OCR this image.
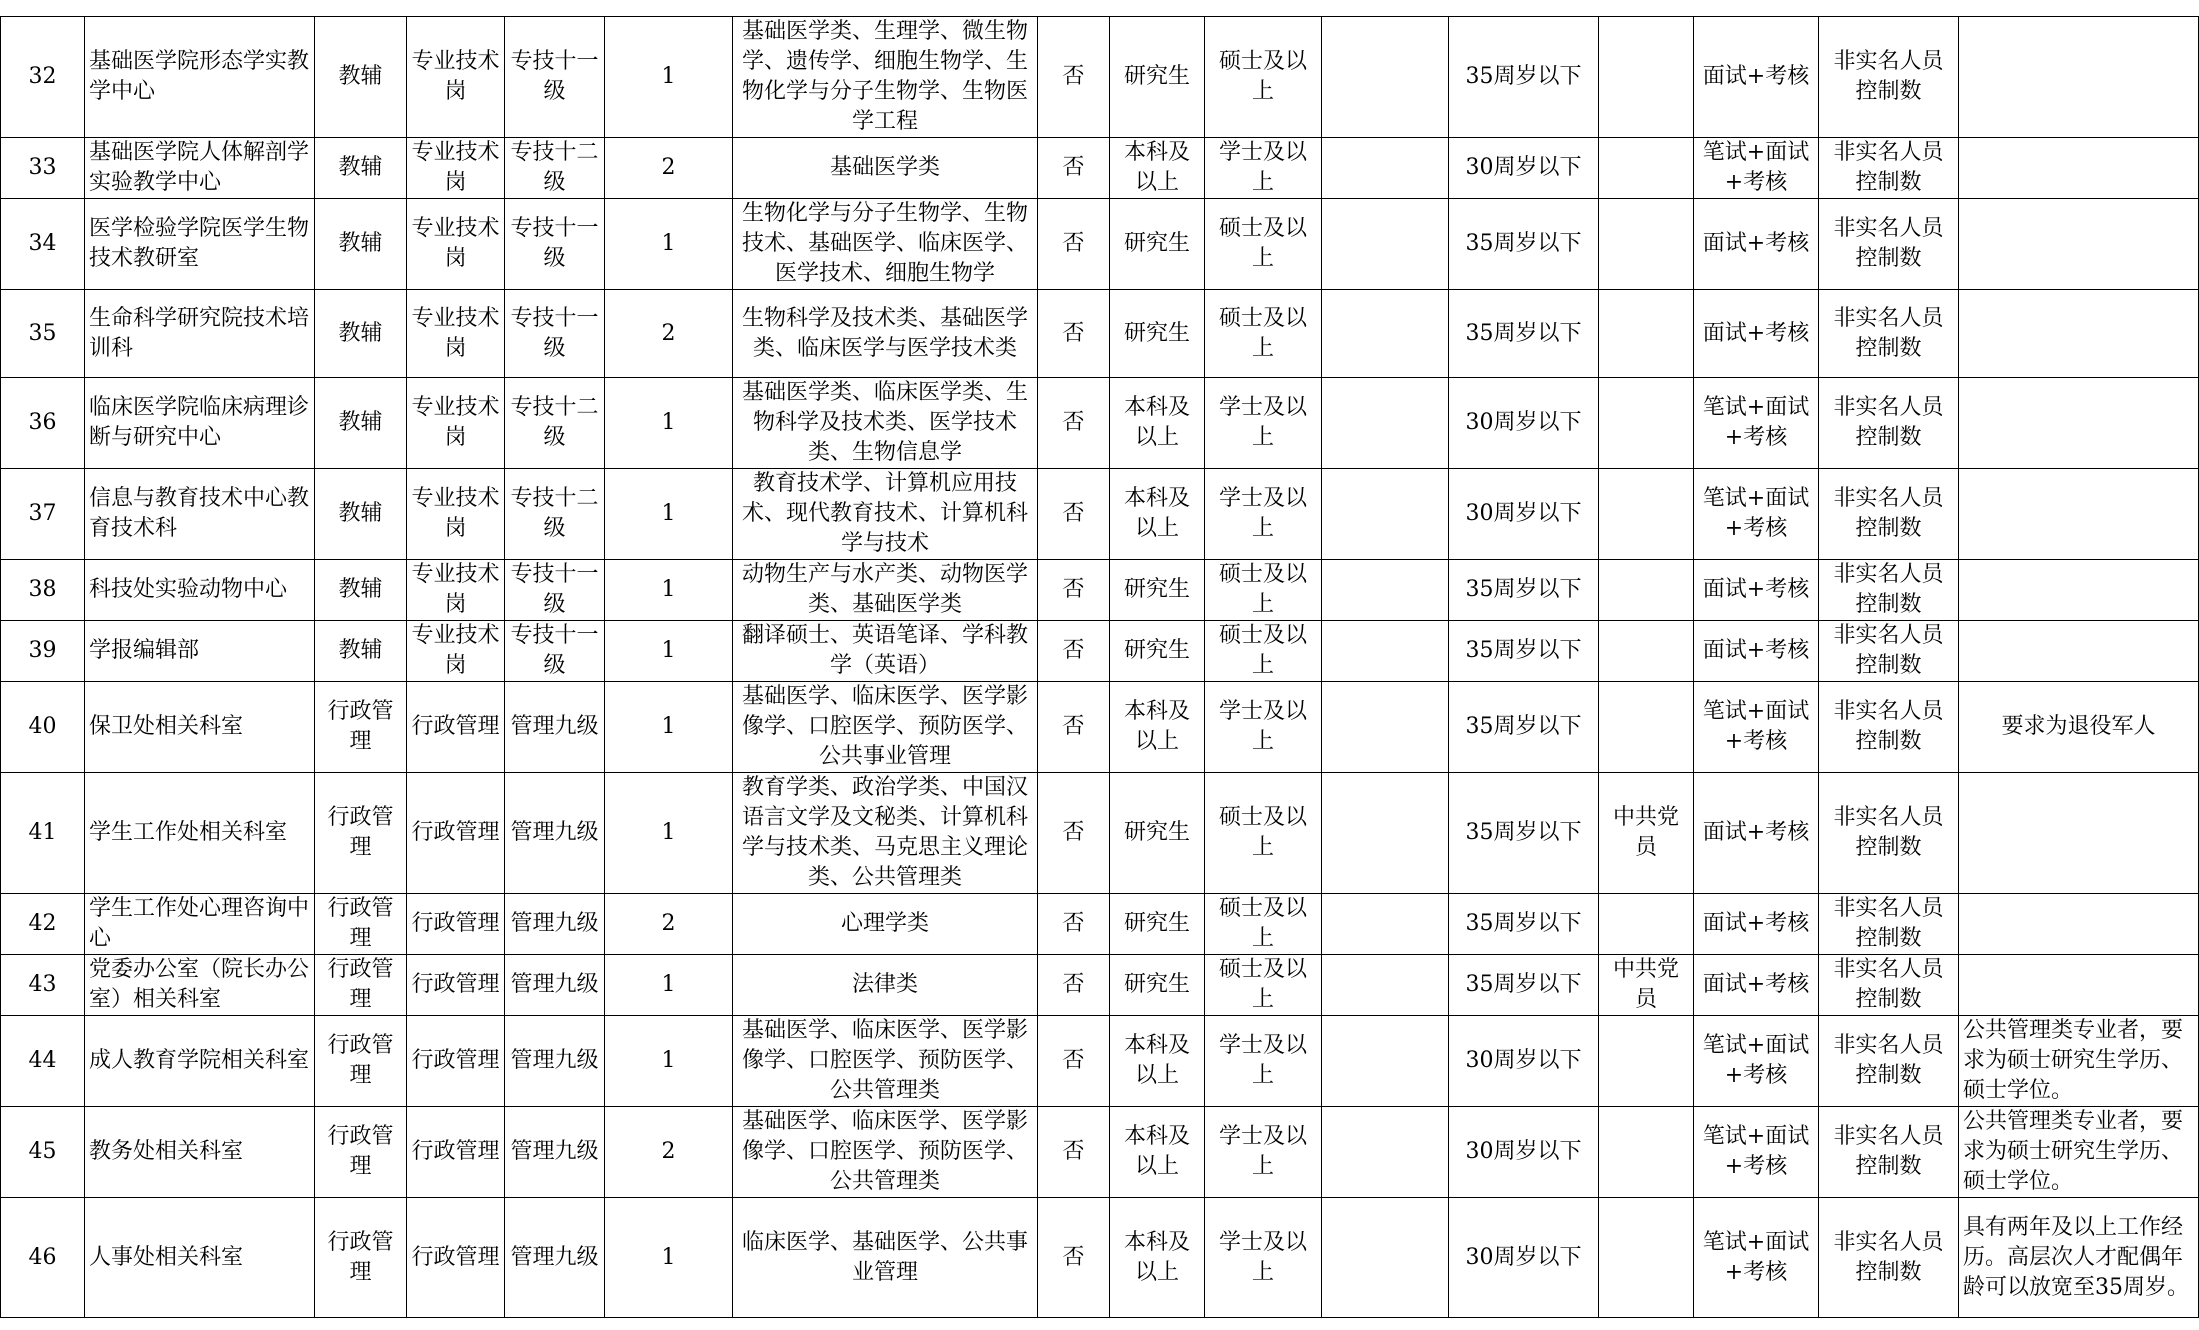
32	基础医学院形态学实教学中心	教辅	专业技术岗	专技十一级	1	基础医学类、生理学、微生物学、遗传学、细胞生物学、生物化学与分子生物学、生物医学工程	否	研究生	硕士及以上		35周岁以下		面试+考核	非实名人员控制数	
33	基础医学院人体解剖学实验教学中心	教辅	专业技术岗	专技十二级	2	基础医学类	否	本科及以上	学士及以上		30周岁以下		笔试+面试+考核	非实名人员控制数	
34	医学检验学院医学生物技术教研室	教辅	专业技术岗	专技十一级	1	生物化学与分子生物学、生物技术、基础医学、临床医学、医学技术、细胞生物学	否	研究生	硕士及以上		35周岁以下		面试+考核	非实名人员控制数	
35	生命科学研究院技术培训科	教辅	专业技术岗	专技十一级	2	生物科学及技术类、基础医学类、临床医学与医学技术类	否	研究生	硕士及以上		35周岁以下		面试+考核	非实名人员控制数	
36	临床医学院临床病理诊断与研究中心	教辅	专业技术岗	专技十二级	1	基础医学类、临床医学类、生物科学及技术类、医学技术类、生物信息学	否	本科及以上	学士及以上		30周岁以下		笔试+面试+考核	非实名人员控制数	
37	信息与教育技术中心教育技术科	教辅	专业技术岗	专技十二级	1	教育技术学、计算机应用技术、现代教育技术、计算机科学与技术	否	本科及以上	学士及以上		30周岁以下		笔试+面试+考核	非实名人员控制数	
38	科技处实验动物中心	教辅	专业技术岗	专技十一级	1	动物生产与水产类、动物医学类、基础医学类	否	研究生	硕士及以上		35周岁以下		面试+考核	非实名人员控制数	
39	学报编辑部	教辅	专业技术岗	专技十一级	1	翻译硕士、英语笔译、学科教学（英语）	否	研究生	硕士及以上		35周岁以下		面试+考核	非实名人员控制数	
40	保卫处相关科室	行政管理	行政管理	管理九级	1	基础医学、临床医学、医学影像学、口腔医学、预防医学、公共事业管理	否	本科及以上	学士及以上		35周岁以下		笔试+面试+考核	非实名人员控制数	要求为退役军人
41	学生工作处相关科室	行政管理	行政管理	管理九级	1	教育学类、政治学类、中国汉语言文学及文秘类、计算机科学与技术类、马克思主义理论类、公共管理类	否	研究生	硕士及以上		35周岁以下	中共党员	面试+考核	非实名人员控制数	
42	学生工作处心理咨询中心	行政管理	行政管理	管理九级	2	心理学类	否	研究生	硕士及以上		35周岁以下		面试+考核	非实名人员控制数	
43	党委办公室（院长办公室）相关科室	行政管理	行政管理	管理九级	1	法律类	否	研究生	硕士及以上		35周岁以下	中共党员	面试+考核	非实名人员控制数	
44	成人教育学院相关科室	行政管理	行政管理	管理九级	1	基础医学、临床医学、医学影像学、口腔医学、预防医学、公共管理类	否	本科及以上	学士及以上		30周岁以下		笔试+面试+考核	非实名人员控制数	公共管理类专业者，要求为硕士研究生学历、硕士学位。
45	教务处相关科室	行政管理	行政管理	管理九级	2	基础医学、临床医学、医学影像学、口腔医学、预防医学、公共管理类	否	本科及以上	学士及以上		30周岁以下		笔试+面试+考核	非实名人员控制数	公共管理类专业者，要求为硕士研究生学历、硕士学位。
46	人事处相关科室	行政管理	行政管理	管理九级	1	临床医学、基础医学、公共事业管理	否	本科及以上	学士及以上		30周岁以下		笔试+面试+考核	非实名人员控制数	具有两年及以上工作经历。高层次人才配偶年龄可以放宽至35周岁。
